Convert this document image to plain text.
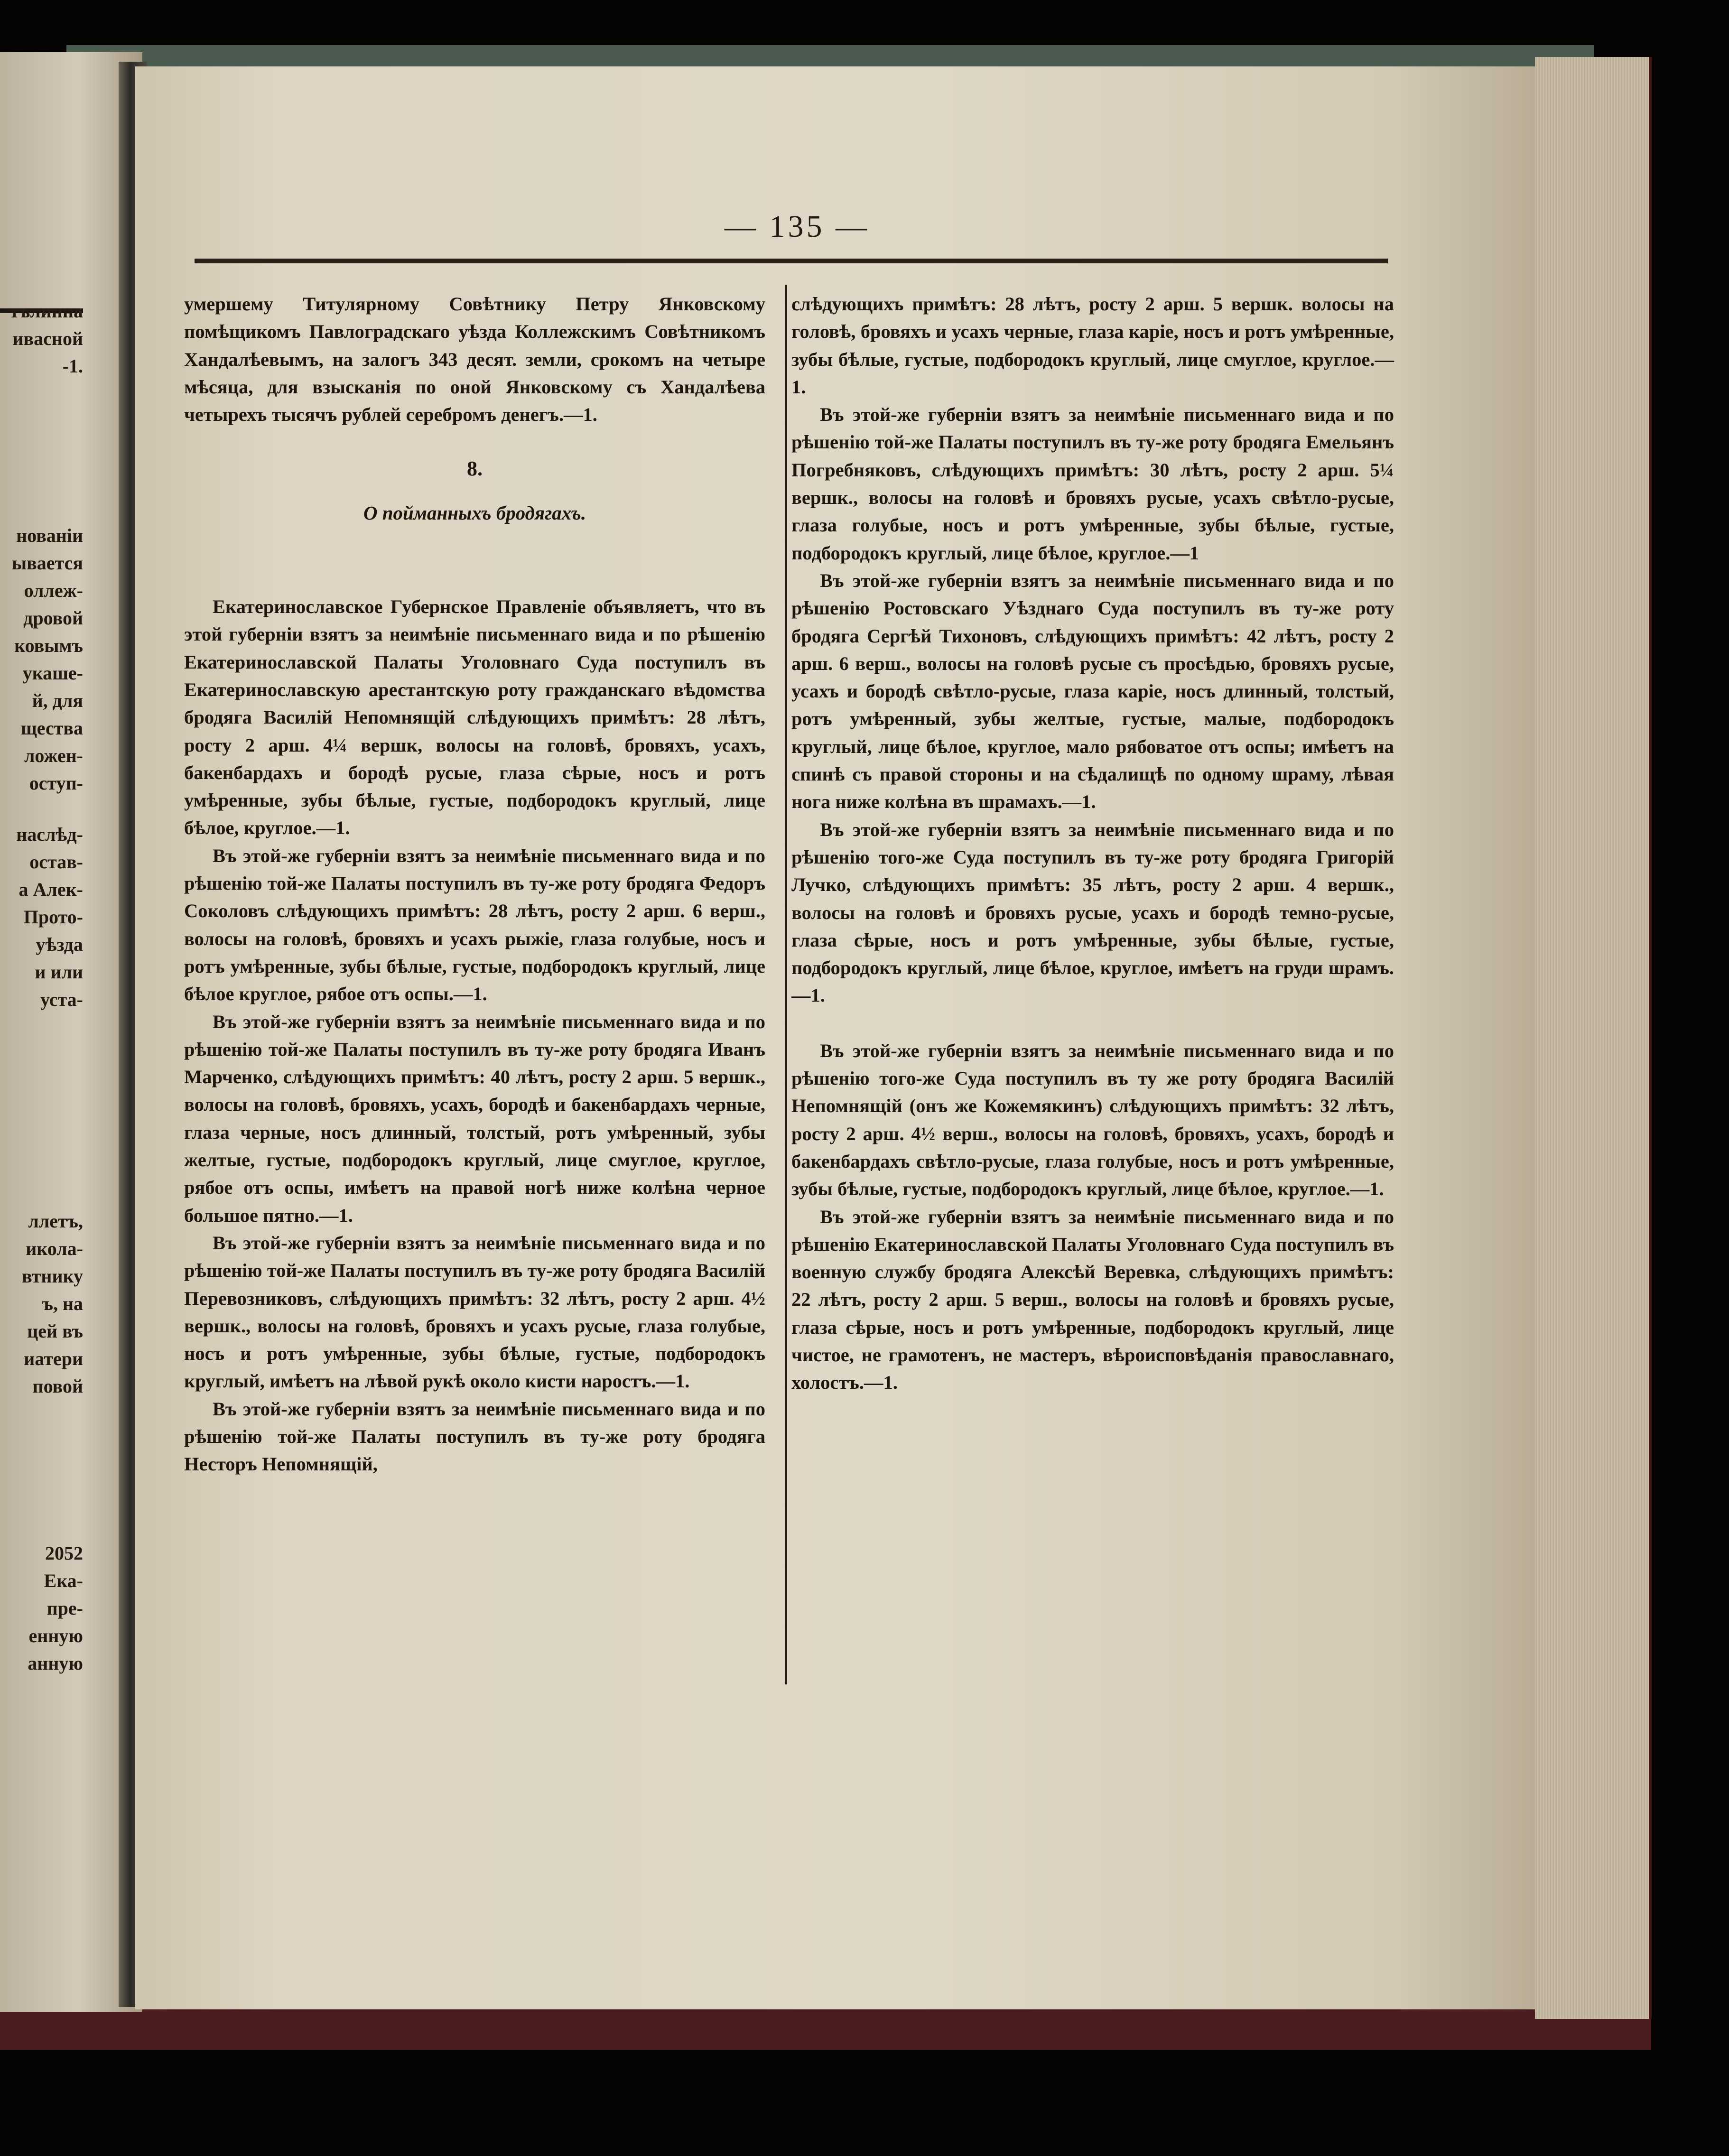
тълинна

ивасной

-1.

нованіи

ывается

оллеж-

дровой

ковымъ

укаше-

й, для

щества

ложен-

оступ-

наслѣд-

остав-

а Алек-

Прото-

уѣзда

и или

уста-

ллетъ,

икола-

втнику

ъ, на

цей въ

иатери

повой

2052

Ека-

пре-

енную

анную

— 135 —

умершему Титулярному Совѣтнику Петру Янковскому помѣщикомъ Павлоградскаго уѣзда Коллежскимъ Совѣтникомъ Хандалѣевымъ, на залогъ 343 десят. земли, срокомъ на четыре мѣсяца, для взысканія по оной Янковскому съ Хандалѣева четырехъ тысячъ рублей серебромъ денегъ.—1.

8.

О пойманныхъ бродягахъ.

Екатеринославское Губернское Правленіе объявляетъ, что въ этой губерніи взятъ за неимѣніе письменнаго вида и по рѣшенію Екатеринославской Палаты Уголовнаго Суда поступилъ въ Екатеринославскую арестантскую роту гражданскаго вѣдомства бродяга Василій Непомнящій слѣдующихъ примѣтъ: 28 лѣтъ, росту 2 арш. 4¼ вершк, волосы на головѣ, бровяхъ, усахъ, бакенбардахъ и бородѣ русые, глаза сѣрые, носъ и ротъ умѣренные, зубы бѣлые, густые, подбородокъ круглый, лице бѣлое, круглое.—1.

Въ этой-же губерніи взятъ за неимѣніе письменнаго вида и по рѣшенію той-же Палаты поступилъ въ ту-же роту бродяга Федоръ Соколовъ слѣдующихъ примѣтъ: 28 лѣтъ, росту 2 арш. 6 верш., волосы на головѣ, бровяхъ и усахъ рыжіе, глаза голубые, носъ и ротъ умѣренные, зубы бѣлые, густые, подбородокъ круглый, лице бѣлое круглое, рябое отъ оспы.—1.

Въ этой-же губерніи взятъ за неимѣніе письменнаго вида и по рѣшенію той-же Палаты поступилъ въ ту-же роту бродяга Иванъ Марченко, слѣдующихъ примѣтъ: 40 лѣтъ, росту 2 арш. 5 вершк., волосы на головѣ, бровяхъ, усахъ, бородѣ и бакенбардахъ черные, глаза черные, носъ длинный, толстый, ротъ умѣренный, зубы желтые, густые, подбородокъ круглый, лице смуглое, круглое, рябое отъ оспы, имѣетъ на правой ногѣ ниже колѣна черное большое пятно.—1.

Въ этой-же губерніи взятъ за неимѣніе письменнаго вида и по рѣшенію той-же Палаты поступилъ въ ту-же роту бродяга Василій Перевозниковъ, слѣдующихъ примѣтъ: 32 лѣтъ, росту 2 арш. 4½ вершк., волосы на головѣ, бровяхъ и усахъ русые, глаза голубые, носъ и ротъ умѣренные, зубы бѣлые, густые, подбородокъ круглый, имѣетъ на лѣвой рукѣ около кисти наростъ.—1.

Въ этой-же губерніи взятъ за неимѣніе письменнаго вида и по рѣшенію той-же Палаты поступилъ въ ту-же роту бродяга Несторъ Непомнящій,

слѣдующихъ примѣтъ: 28 лѣтъ, росту 2 арш. 5 вершк. волосы на головѣ, бровяхъ и усахъ черные, глаза каріе, носъ и ротъ умѣренные, зубы бѣлые, густые, подбородокъ круглый, лице смуглое, круглое.—1.

Въ этой-же губерніи взятъ за неимѣніе письменнаго вида и по рѣшенію той-же Палаты поступилъ въ ту-же роту бродяга Емельянъ Погребняковъ, слѣдующихъ примѣтъ: 30 лѣтъ, росту 2 арш. 5¼ вершк., волосы на головѣ и бровяхъ русые, усахъ свѣтло-русые, глаза голубые, носъ и ротъ умѣренные, зубы бѣлые, густые, подбородокъ круглый, лице бѣлое, круглое.—1

Въ этой-же губерніи взятъ за неимѣніе письменнаго вида и по рѣшенію Ростовскаго Уѣзднаго Суда поступилъ въ ту-же роту бродяга Сергѣй Тихоновъ, слѣдующихъ примѣтъ: 42 лѣтъ, росту 2 арш. 6 верш., волосы на головѣ русые съ просѣдью, бровяхъ русые, усахъ и бородѣ свѣтло-русые, глаза каріе, носъ длинный, толстый, ротъ умѣренный, зубы желтые, густые, малые, подбородокъ круглый, лице бѣлое, круглое, мало рябоватое отъ оспы; имѣетъ на спинѣ съ правой стороны и на сѣдалищѣ по одному шраму, лѣвая нога ниже колѣна въ шрамахъ.—1.

Въ этой-же губерніи взятъ за неимѣніе письменнаго вида и по рѣшенію того-же Суда поступилъ въ ту-же роту бродяга Григорій Лучко, слѣдующихъ примѣтъ: 35 лѣтъ, росту 2 арш. 4 вершк., волосы на головѣ и бровяхъ русые, усахъ и бородѣ темно-русые, глаза сѣрые, носъ и ротъ умѣренные, зубы бѣлые, густые, подбородокъ круглый, лице бѣлое, круглое, имѣетъ на груди шрамъ.—1.

Въ этой-же губерніи взятъ за неимѣніе письменнаго вида и по рѣшенію того-же Суда поступилъ въ ту же роту бродяга Василій Непомнящій (онъ же Кожемякинъ) слѣдующихъ примѣтъ: 32 лѣтъ, росту 2 арш. 4½ верш., волосы на головѣ, бровяхъ, усахъ, бородѣ и бакенбардахъ свѣтло-русые, глаза голубые, носъ и ротъ умѣренные, зубы бѣлые, густые, подбородокъ круглый, лице бѣлое, круглое.—1.

Въ этой-же губерніи взятъ за неимѣніе письменнаго вида и по рѣшенію Екатеринославской Палаты Уголовнаго Суда поступилъ въ военную службу бродяга Алексѣй Веревка, слѣдующихъ примѣтъ: 22 лѣтъ, росту 2 арш. 5 верш., волосы на головѣ и бровяхъ русые, глаза сѣрые, носъ и ротъ умѣренные, подбородокъ круглый, лице чистое, не грамотенъ, не мастеръ, вѣроисповѣданія православнаго, холостъ.—1.
